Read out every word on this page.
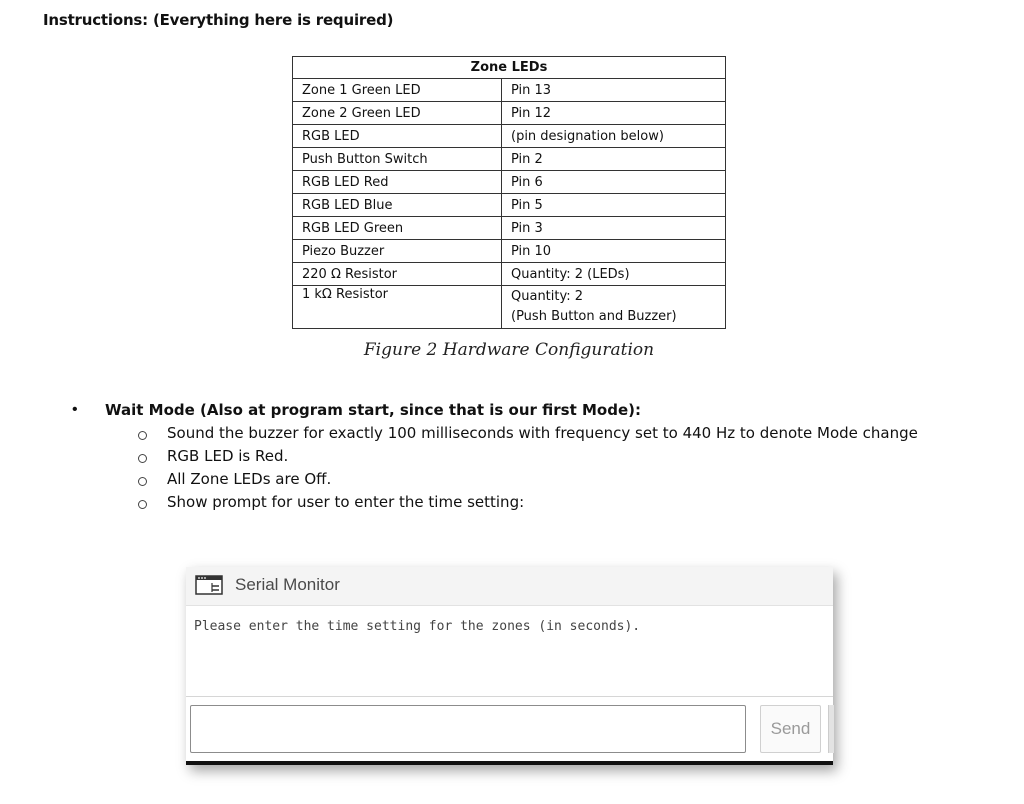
Instructions: (Everything here is required)
Zone LEDs	
Zone 1 Green LED	Pin 13
Zone 2 Green LED	Pin 12
RGB LED	(pin designation below)
Push Button Switch	Pin 2
RGB LED Red	Pin 6
RGB LED Blue	Pin 5
RGB LED Green	Pin 3
Piezo Buzzer	Pin 10
220 Ω Resistor	Quantity: 2 (LEDs)
1 kΩ Resistor	Quantity: 2
(Push Button and Buzzer)
Figure 2 Hardware Configuration
•	Wait Mode (Also at program start, since that is our first Mode):
Sound the buzzer for exactly 100 milliseconds with frequency set to 440 Hz to denote Mode change
RGB LED is Red.
All Zone LEDs are Off.
Show prompt for user to enter the time setting:
Serial Monitor
Please enter the time setting for the zones (in seconds).
Send
